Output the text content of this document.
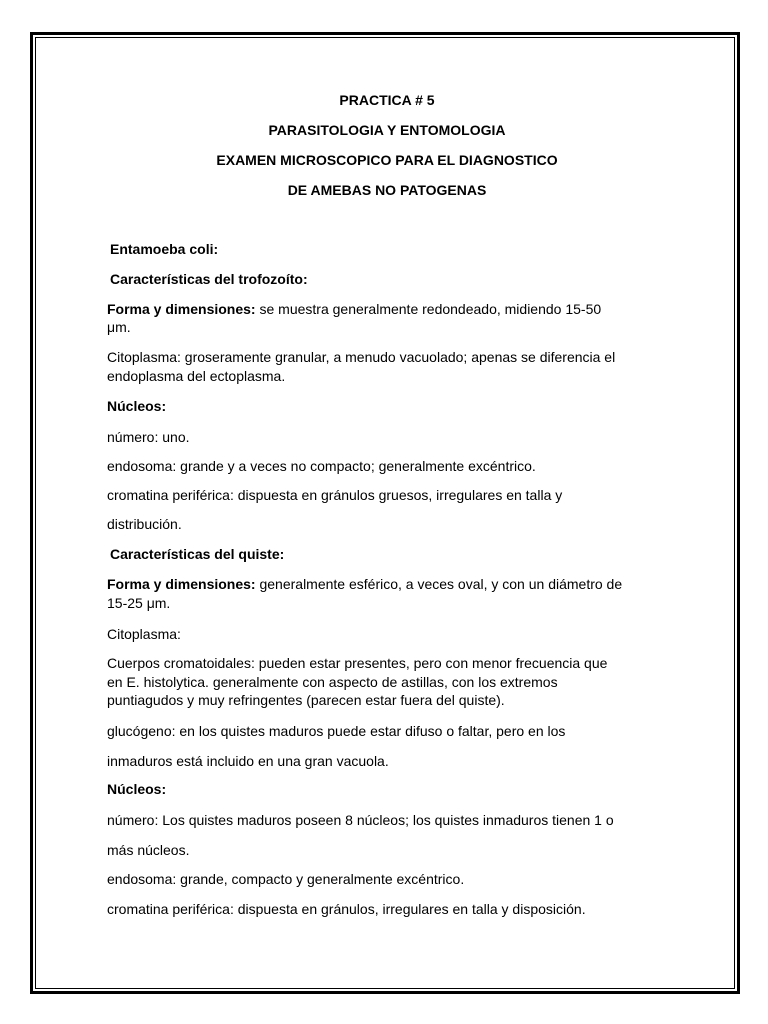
PRACTICA # 5
PARASITOLOGIA Y ENTOMOLOGIA
EXAMEN MICROSCOPICO PARA EL DIAGNOSTICO
DE AMEBAS NO PATOGENAS
Entamoeba coli:
Características del trofozoíto:
Forma y dimensiones: se muestra generalmente redondeado, midiendo 15-50
μm.
Citoplasma: groseramente granular, a menudo vacuolado; apenas se diferencia el
endoplasma del ectoplasma.
Núcleos:
número: uno.
endosoma: grande y a veces no compacto; generalmente excéntrico.
cromatina periférica: dispuesta en gránulos gruesos, irregulares en talla y
distribución.
Características del quiste:
Forma y dimensiones: generalmente esférico, a veces oval, y con un diámetro de
15-25 μm.
Citoplasma:
Cuerpos cromatoidales: pueden estar presentes, pero con menor frecuencia que
en E. histolytica. generalmente con aspecto de astillas, con los extremos
puntiagudos y muy refringentes (parecen estar fuera del quiste).
glucógeno: en los quistes maduros puede estar difuso o faltar, pero en los
inmaduros está incluido en una gran vacuola.
Núcleos:
número: Los quistes maduros poseen 8 núcleos; los quistes inmaduros tienen 1 o
más núcleos.
endosoma: grande, compacto y generalmente excéntrico.
cromatina periférica: dispuesta en gránulos, irregulares en talla y disposición.
